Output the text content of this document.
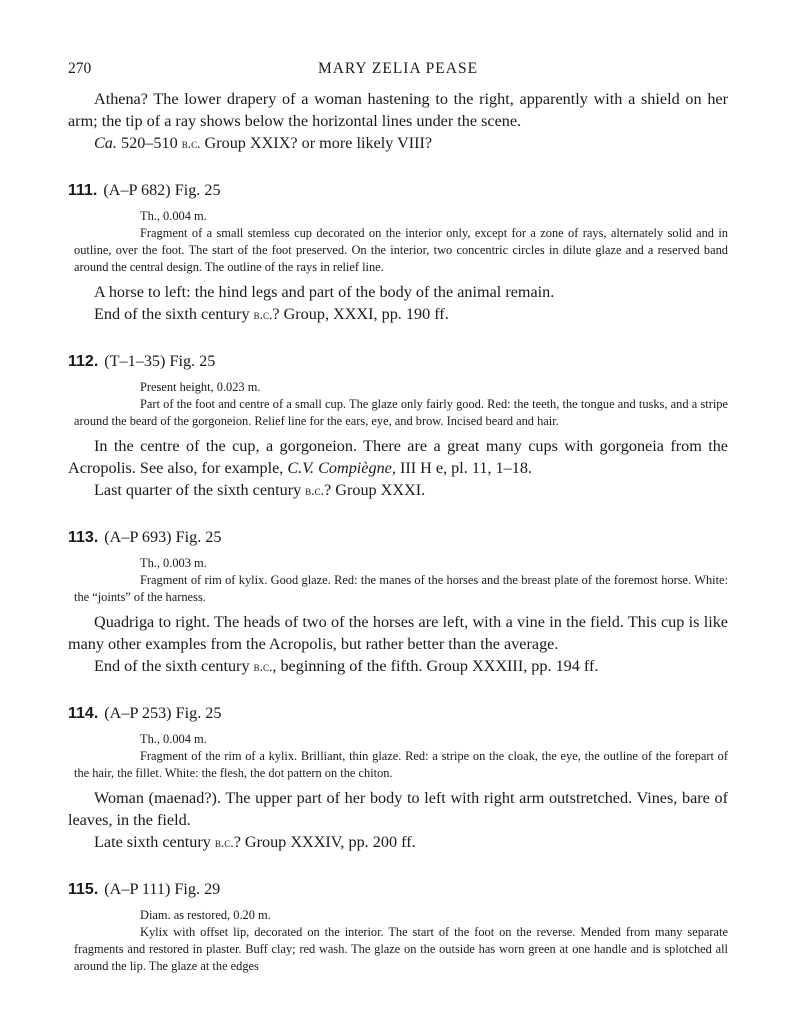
270	MARY ZELIA PEASE

Athena? The lower drapery of a woman hastening to the right, apparently with a shield on her arm; the tip of a ray shows below the horizontal lines under the scene.

Ca. 520–510 b.c. Group XXIX? or more likely VIII?

111. (A–P 682) Fig. 25

Th., 0.004 m.

Fragment of a small stemless cup decorated on the interior only, except for a zone of rays, alternately solid and in outline, over the foot. The start of the foot preserved. On the interior, two concentric circles in dilute glaze and a reserved band around the central design. The outline of the rays in relief line.

A horse to left: the hind legs and part of the body of the animal remain.

End of the sixth century b.c.? Group, XXXI, pp. 190 ff.

112. (T–1–35) Fig. 25

Present height, 0.023 m.

Part of the foot and centre of a small cup. The glaze only fairly good. Red: the teeth, the tongue and tusks, and a stripe around the beard of the gorgoneion. Relief line for the ears, eye, and brow. Incised beard and hair.

In the centre of the cup, a gorgoneion. There are a great many cups with gorgoneia from the Acropolis. See also, for example, C.V. Compiègne, III H e, pl. 11, 1–18.

Last quarter of the sixth century b.c.? Group XXXI.

113. (A–P 693) Fig. 25

Th., 0.003 m.

Fragment of rim of kylix. Good glaze. Red: the manes of the horses and the breast plate of the foremost horse. White: the “joints” of the harness.

Quadriga to right. The heads of two of the horses are left, with a vine in the field. This cup is like many other examples from the Acropolis, but rather better than the average.

End of the sixth century b.c., beginning of the fifth. Group XXXIII, pp. 194 ff.

114. (A–P 253) Fig. 25

Th., 0.004 m.

Fragment of the rim of a kylix. Brilliant, thin glaze. Red: a stripe on the cloak, the eye, the outline of the forepart of the hair, the fillet. White: the flesh, the dot pattern on the chiton.

Woman (maenad?). The upper part of her body to left with right arm outstretched. Vines, bare of leaves, in the field.

Late sixth century b.c.? Group XXXIV, pp. 200 ff.

115. (A–P 111) Fig. 29

Diam. as restored, 0.20 m.

Kylix with offset lip, decorated on the interior. The start of the foot on the reverse. Mended from many separate fragments and restored in plaster. Buff clay; red wash. The glaze on the outside has worn green at one handle and is splotched all around the lip. The glaze at the edges
